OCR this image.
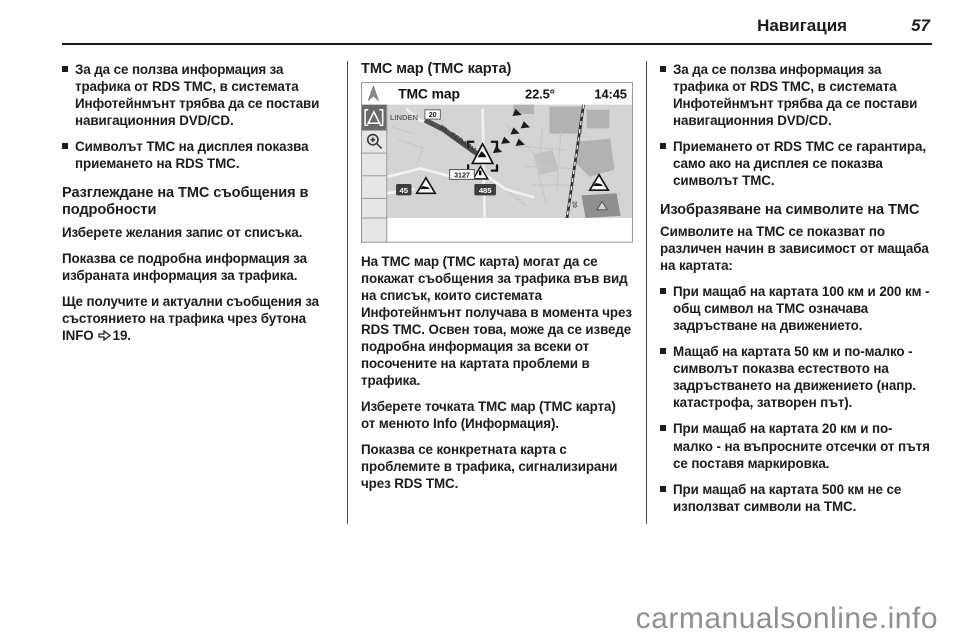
Навигация	57
За да се ползва информация за трафика от RDS TMC, в системата Инфотейнмънт трябва да се постави навигационния DVD/CD.
Символът TMC на дисплея показва приемането на RDS TMC.
Разглеждане на TMC съобщения в подробности

Изберете желания запис от списъка.

Показва се подробна информация за избраната информация за трафика.

Ще получите и актуални съобщения за състоянието на трафика чрез бутона INFO 19.

TMC мар (TMC карта)
TMC map	22.5°	14:45
3127
45	485
LINDEN 20
KL. EEBACH
20

На TMC мар (TMC карта) могат да се покажат съобщения за трафика във вид на списък, които системата Инфотейнмънт получава в момента чрез RDS TMC. Освен това, може да се изведе подробна информация за всеки от посочените на картата проблеми в трафика.

Изберете точката TMC мар (TMC карта) от менюто Info (Информация).

Показва се конкретната карта с проблемите в трафика, сигнализирани чрез RDS TMC.

За да се ползва информация за трафика от RDS TMC, в системата Инфотейнмънт трябва да се постави навигационния DVD/CD.
Приемането от RDS TMC се гарантира, само ако на дисплея се показва символът TMC.
Изобразяване на символите на TMC

Символите на TMC се показват по различен начин в зависимост от мащаба на картата:

При мащаб на картата 100 км и 200 км - общ символ на TMC означава задръстване на движението.
Мащаб на картата 50 км и по-малко - символът показва естеството на задръстването на движението (напр. катастрофа, затворен път).
При мащаб на картата 20 км и по-малко - на въпросните отсечки от пътя се поставя маркировка.
При мащаб на картата 500 км не се използват символи на TMC.
carmanualsonline.info
